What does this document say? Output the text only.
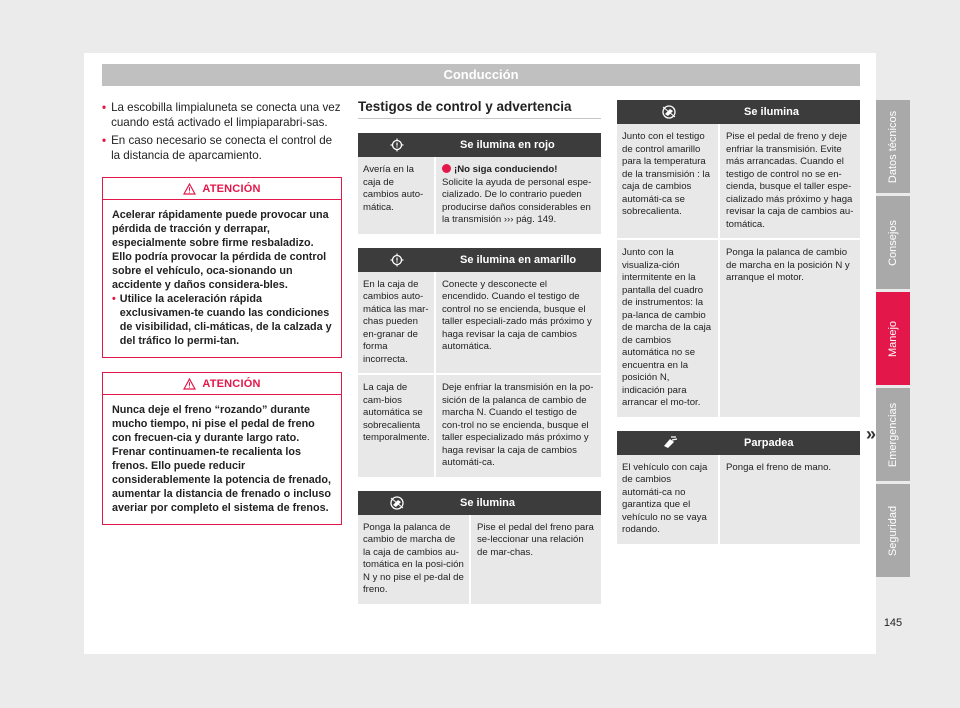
Conducción
• La escobilla limpialuneta se conecta una vez cuando está activado el limpiaparabri-sas.
• En caso necesario se conecta el control de la distancia de aparcamiento.
ATENCIÓN
Acelerar rápidamente puede provocar una pérdida de tracción y derrapar, especialmente sobre firme resbaladizo. Ello podría provocar la pérdida de control sobre el vehículo, oca-sionando un accidente y daños considera-bles.
• Utilice la aceleración rápida exclusivamen-te cuando las condiciones de visibilidad, cli-máticas, de la calzada y del tráfico lo permi-tan.
ATENCIÓN
Nunca deje el freno “rozando” durante mucho tiempo, ni pise el pedal de freno con frecuen-cia y durante largo rato. Frenar continuamen-te recalienta los frenos. Ello puede reducir considerablemente la potencia de frenado, aumentar la distancia de frenado o incluso averiar por completo el sistema de frenos.
Testigos de control y advertencia
Se ilumina en rojo
Avería en la caja de cambios auto-mática.
¡No siga conduciendo!
Solicite la ayuda de personal espe-cializado. De lo contrario pueden producirse daños considerables en la transmisión ››› pág. 149.
Se ilumina en amarillo
En la caja de cambios auto-mática las mar-chas pueden en-granar de forma incorrecta.
Conecte y desconecte el encendido. Cuando el testigo de control no se encienda, busque el taller especiali-zado más próximo y haga revisar la caja de cambios automática.
La caja de cam-bios automática se sobrecalienta temporalmente.
Deje enfriar la transmisión en la po-sición de la palanca de cambio de marcha N. Cuando el testigo de con-trol no se encienda, busque el taller especializado más próximo y haga revisar la caja de cambios automáti-ca.
Se ilumina
Ponga la palanca de cambio de marcha de la caja de cambios au-tomática en la posi-ción N y no pise el pe-dal de freno.
Pise el pedal del freno para se-leccionar una relación de mar-chas.
Se ilumina
Junto con el testigo de control amarillo para la temperatura de la transmisión : la caja de cambios automáti-ca se sobrecalienta.
Pise el pedal de freno y deje enfriar la transmisión. Evite más arrancadas. Cuando el testigo de control no se en-cienda, busque el taller espe-cializado más próximo y haga revisar la caja de cambios au-tomática.
Junto con la visualiza-ción intermitente en la pantalla del cuadro de instrumentos: la pa-lanca de cambio de marcha de la caja de cambios automática no se encuentra en la posición N, indicación para arrancar el mo-tor.
Ponga la palanca de cambio de marcha en la posición N y arranque el motor.
Parpadea
El vehículo con caja de cambios automáti-ca no garantiza que el vehículo no se vaya rodando.
Ponga el freno de mano.
»
Datos técnicos
Consejos
Manejo
Emergencias
Seguridad
145
